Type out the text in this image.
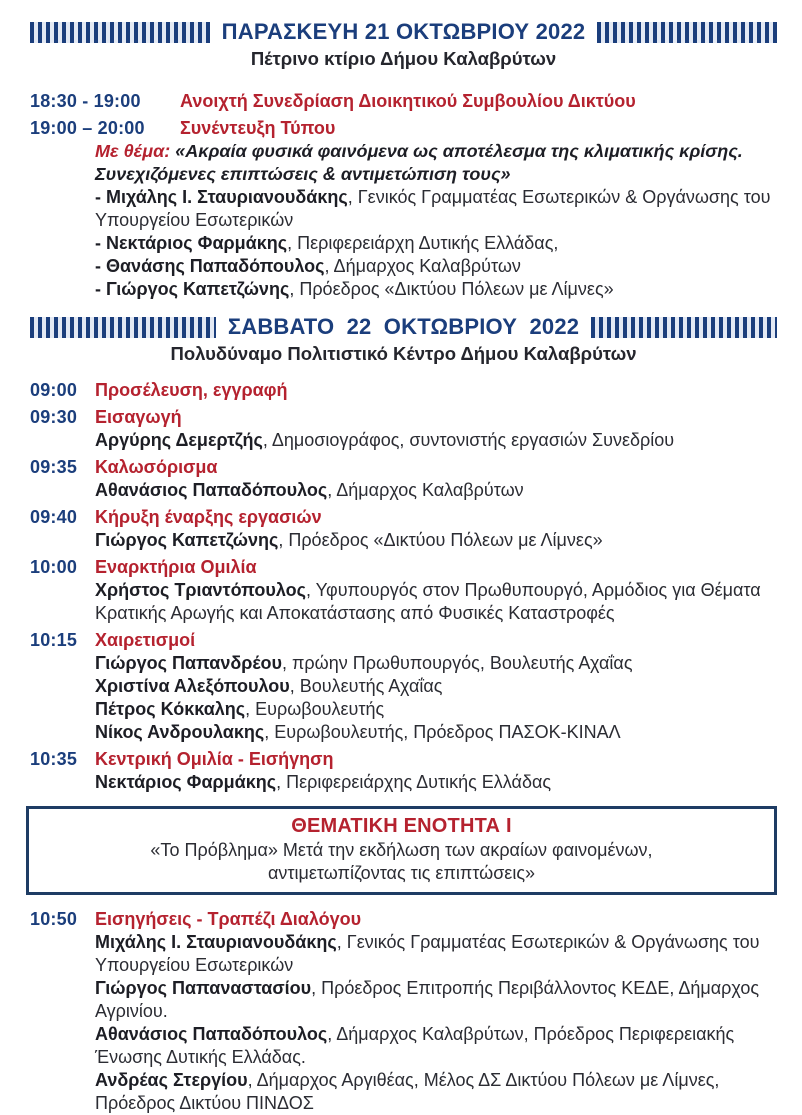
ΠΑΡΑΣΚΕΥΗ 21 ΟΚΤΩΒΡΙΟΥ 2022
Πέτρινο κτίριο Δήμου Καλαβρύτων
18:30 - 19:00	Ανοιχτή Συνεδρίαση Διοικητικού Συμβουλίου Δικτύου
19:00 – 20:00	Συνέντευξη Τύπου
Με θέμα: «Ακραία φυσικά φαινόμενα ως αποτέλεσμα της κλιματικής κρίσης. Συνεχιζόμενες επιπτώσεις & αντιμετώπιση τους»
- Μιχάλης Ι. Σταυριανουδάκης, Γενικός Γραμματέας Εσωτερικών & Οργάνωσης του Υπουργείου Εσωτερικών
- Νεκτάριος Φαρμάκης, Περιφερειάρχη Δυτικής Ελλάδας,
- Θανάσης Παπαδόπουλος, Δήμαρχος Καλαβρύτων
- Γιώργος Καπετζώνης, Πρόεδρος «Δικτύου Πόλεων με Λίμνες»
ΣΑΒΒΑΤΟ 22 ΟΚΤΩΒΡΙΟΥ 2022
Πολυδύναμο Πολιτιστικό Κέντρο Δήμου Καλαβρύτων
09:00 Προσέλευση, εγγραφή
09:30 Εισαγωγή
Αργύρης Δεμερτζής, Δημοσιογράφος, συντονιστής εργασιών Συνεδρίου
09:35 Καλωσόρισμα
Αθανάσιος Παπαδόπουλος, Δήμαρχος Καλαβρύτων
09:40 Κήρυξη έναρξης εργασιών
Γιώργος Καπετζώνης, Πρόεδρος «Δικτύου Πόλεων με Λίμνες»
10:00 Εναρκτήρια Ομιλία
Χρήστος Τριαντόπουλος, Υφυπουργός στον Πρωθυπουργό, Αρμόδιος για Θέματα Κρατικής Αρωγής και Αποκατάστασης από Φυσικές Καταστροφές
10:15 Χαιρετισμοί
Γιώργος Παπανδρέου, πρώην Πρωθυπουργός, Βουλευτής Αχαΐας
Χριστίνα Αλεξόπουλου, Βουλευτής Αχαΐας
Πέτρος Κόκκαλης, Ευρωβουλευτής
Νίκος Ανδρουλακης, Ευρωβουλευτής, Πρόεδρος ΠΑΣΟΚ-ΚΙΝΑΛ
10:35 Κεντρική Ομιλία - Εισήγηση
Νεκτάριος Φαρμάκης, Περιφερειάρχης Δυτικής Ελλάδας
ΘΕΜΑΤΙΚΗ ΕΝΟΤΗΤΑ Ι
«Το Πρόβλημα» Μετά την εκδήλωση των ακραίων φαινομένων, αντιμετωπίζοντας τις επιπτώσεις»
10:50 Εισηγήσεις - Τραπέζι Διαλόγου
Μιχάλης Ι. Σταυριανουδάκης, Γενικός Γραμματέας Εσωτερικών & Οργάνωσης του Υπουργείου Εσωτερικών
Γιώργος Παπαναστασίου, Πρόεδρος Επιτροπής Περιβάλλοντος ΚΕΔΕ, Δήμαρχος Αγρινίου.
Αθανάσιος Παπαδόπουλος, Δήμαρχος Καλαβρύτων, Πρόεδρος Περιφερειακής Ένωσης Δυτικής Ελλάδας.
Ανδρέας Στεργίου, Δήμαρχος Αργιθέας, Μέλος ΔΣ Δικτύου Πόλεων με Λίμνες, Πρόεδρος Δικτύου ΠΙΝΔΟΣ
